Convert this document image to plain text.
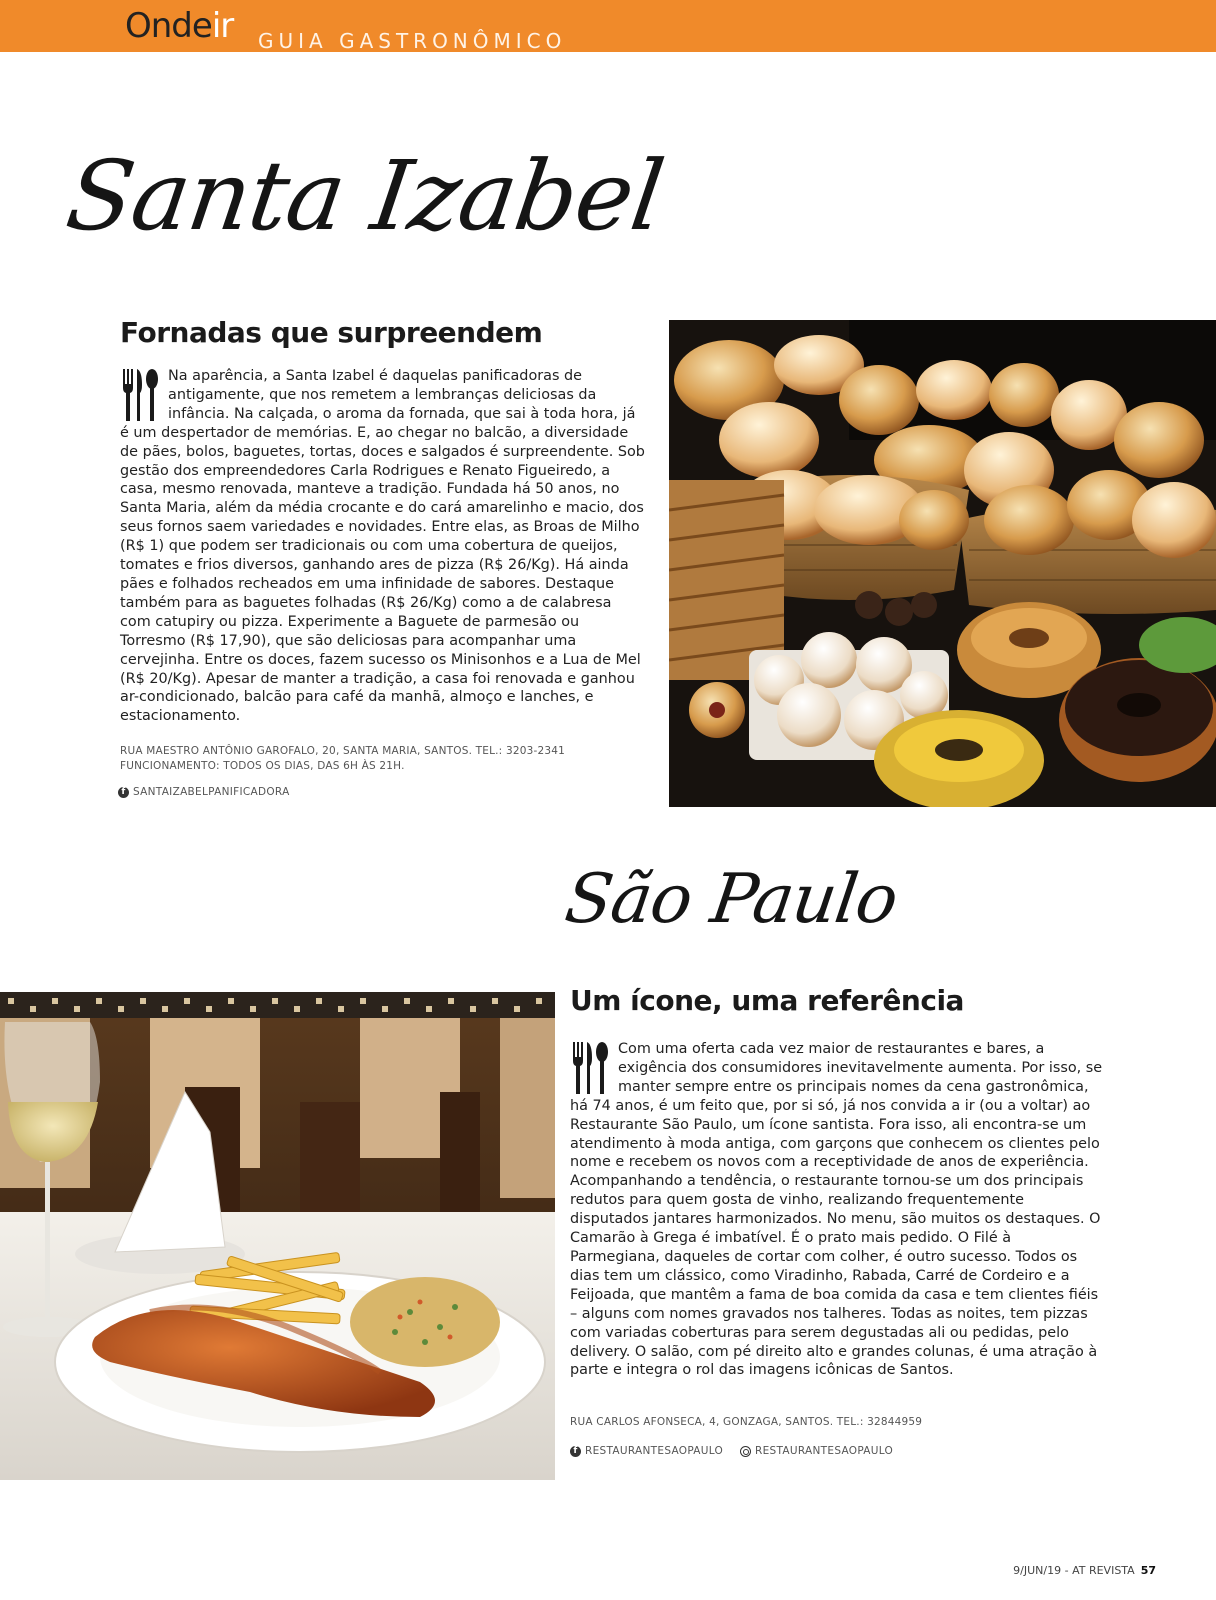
Onde ir GUIA GASTRONÔMICO
Santa Izabel
Fornadas que surpreendem
Na aparência, a Santa Izabel é daquelas panificadoras de antigamente, que nos remetem a lembranças deliciosas da infância. Na calçada, o aroma da fornada, que sai à toda hora, já é um despertador de memórias. E, ao chegar no balcão, a diversidade de pães, bolos, baguetes, tortas, doces e salgados é surpreendente. Sob gestão dos empreendedores Carla Rodrigues e Renato Figueiredo, a casa, mesmo renovada, manteve a tradição. Fundada há 50 anos, no Santa Maria, além da média crocante e do cará amarelinho e macio, dos seus fornos saem variedades e novidades. Entre elas, as Broas de Milho (R$ 1) que podem ser tradicionais ou com uma cobertura de queijos, tomates e frios diversos, ganhando ares de pizza (R$ 26/Kg). Há ainda pães e folhados recheados em uma infinidade de sabores. Destaque também para as baguetes folhadas (R$ 26/Kg) como a de calabresa com catupiry ou pizza. Experimente a Baguete de parmesão ou Torresmo (R$ 17,90), que são deliciosas para acompanhar uma cervejinha. Entre os doces, fazem sucesso os Minisonhos e a Lua de Mel (R$ 20/Kg). Apesar de manter a tradição, a casa foi renovada e ganhou ar-condicionado, balcão para café da manhã, almoço e lanches, e estacionamento.
RUA MAESTRO ANTÔNIO GAROFALO, 20, SANTA MARIA, SANTOS. TEL.: 3203-2341
FUNCIONAMENTO: TODOS OS DIAS, DAS 6H ÀS 21H.
f SANTAIZABELPANIFICADORA
São Paulo
Um ícone, uma referência
Com uma oferta cada vez maior de restaurantes e bares, a exigência dos consumidores inevitavelmente aumenta. Por isso, se manter sempre entre os principais nomes da cena gastronômica, há 74 anos, é um feito que, por si só, já nos convida a ir (ou a voltar) ao Restaurante São Paulo, um ícone santista. Fora isso, ali encontra-se um atendimento à moda antiga, com garçons que conhecem os clientes pelo nome e recebem os novos com a receptividade de anos de experiência. Acompanhando a tendência, o restaurante tornou-se um dos principais redutos para quem gosta de vinho, realizando frequentemente disputados jantares harmonizados. No menu, são muitos os destaques. O Camarão à Grega é imbatível. É o prato mais pedido. O Filé à Parmegiana, daqueles de cortar com colher, é outro sucesso. Todos os dias tem um clássico, como Viradinho, Rabada, Carré de Cordeiro e a Feijoada, que mantêm a fama de boa comida da casa e tem clientes fiéis – alguns com nomes gravados nos talheres. Todas as noites, tem pizzas com variadas coberturas para serem degustadas ali ou pedidas, pelo delivery. O salão, com pé direito alto e grandes colunas, é uma atração à parte e integra o rol das imagens icônicas de Santos.
RUA CARLOS AFONSECA, 4, GONZAGA, SANTOS. TEL.: 32844959
f RESTAURANTESAOPAULO	RESTAURANTESAOPAULO
9/JUN/19 - AT REVISTA 57
